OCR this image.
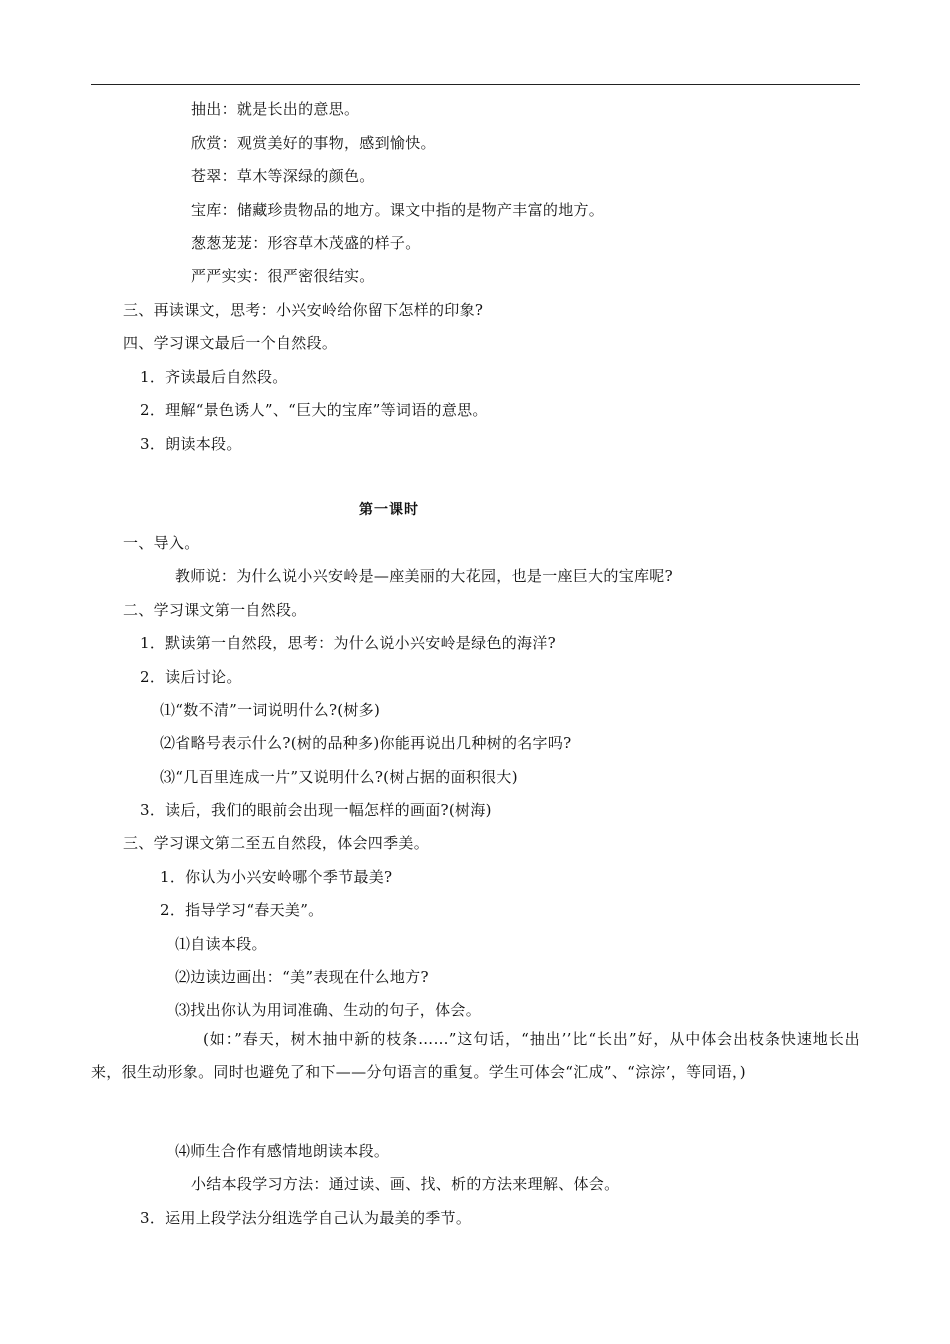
抽出：就是长出的意思。
欣赏：观赏美好的事物，感到愉快。
苍翠：草木等深绿的颜色。
宝库：储藏珍贵物品的地方。课文中指的是物产丰富的地方。
葱葱茏茏：形容草木茂盛的样子。
严严实实：很严密很结实。
三、再读课文，思考：小兴安岭给你留下怎样的印象?
四、学习课文最后一个自然段。
1．齐读最后自然段。
2．理解“景色诱人”、“巨大的宝库”等词语的意思。
3．朗读本段。
第一课时
一、导入。
教师说：为什么说小兴安岭是—座美丽的大花园，也是一座巨大的宝库呢?
二、学习课文第一自然段。
1．默读第一自然段，思考：为什么说小兴安岭是绿色的海洋?
2．读后讨论。
⑴“数不清”一词说明什么?(树多)
⑵省略号表示什么?(树的品种多)你能再说出几种树的名字吗?
⑶“几百里连成一片”又说明什么?(树占据的面积很大)
3．读后，我们的眼前会出现一幅怎样的画面?(树海)
三、学习课文第二至五自然段，体会四季美。
1．你认为小兴安岭哪个季节最美?
2．指导学习“春天美”。
⑴自读本段。
⑵边读边画出：“美”表现在什么地方?
⑶找出你认为用词准确、生动的句子，体会。
(如：”春天，树木抽中新的枝条……”这句话，“抽出’’比“长出”好，从中体会出枝条快速地长出来，很生动形象。同时也避免了和下——分句语言的重复。学生可体会“汇成”、“淙淙’，等同语，)
⑷师生合作有感情地朗读本段。
小结本段学习方法：通过读、画、找、析的方法来理解、体会。
3．运用上段学法分组选学自己认为最美的季节。
